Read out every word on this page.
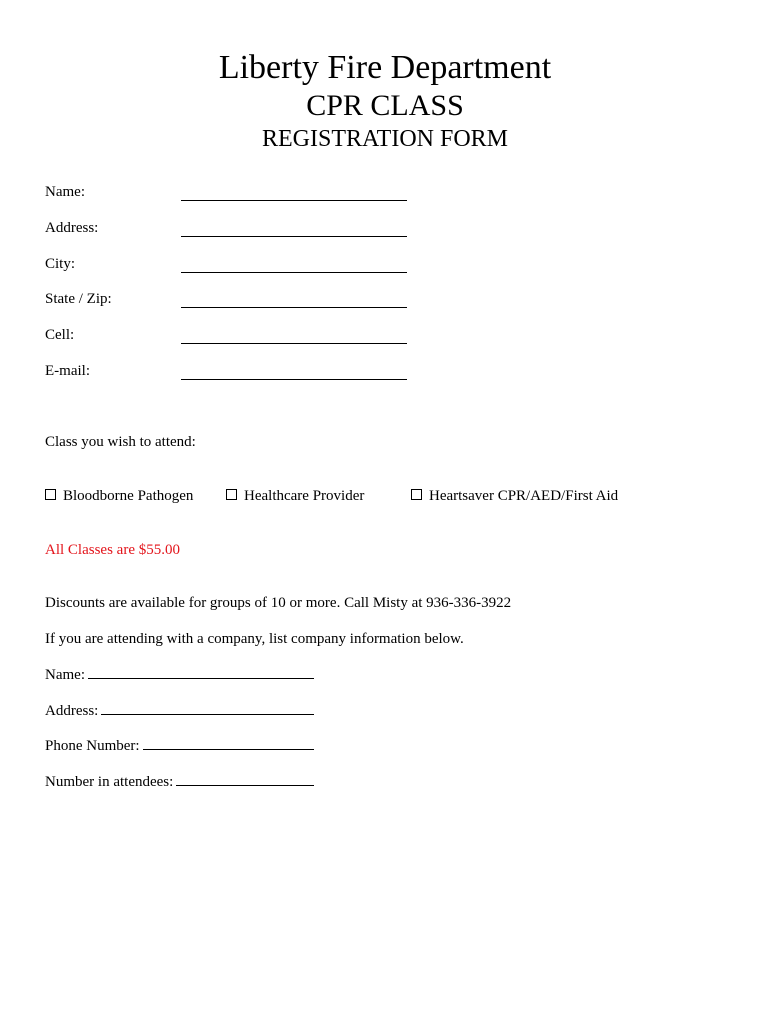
Liberty Fire Department
CPR CLASS
REGISTRATION FORM
Name:
Address:
City:
State / Zip:
Cell:
E-mail:
Class you wish to attend:
Bloodborne Pathogen	Healthcare Provider	Heartsaver CPR/AED/First Aid
All Classes are $55.00
Discounts are available for groups of 10 or more. Call Misty at 936-336-3922
If you are attending with a company, list company information below.
Name:
Address:
Phone Number:
Number in attendees:
